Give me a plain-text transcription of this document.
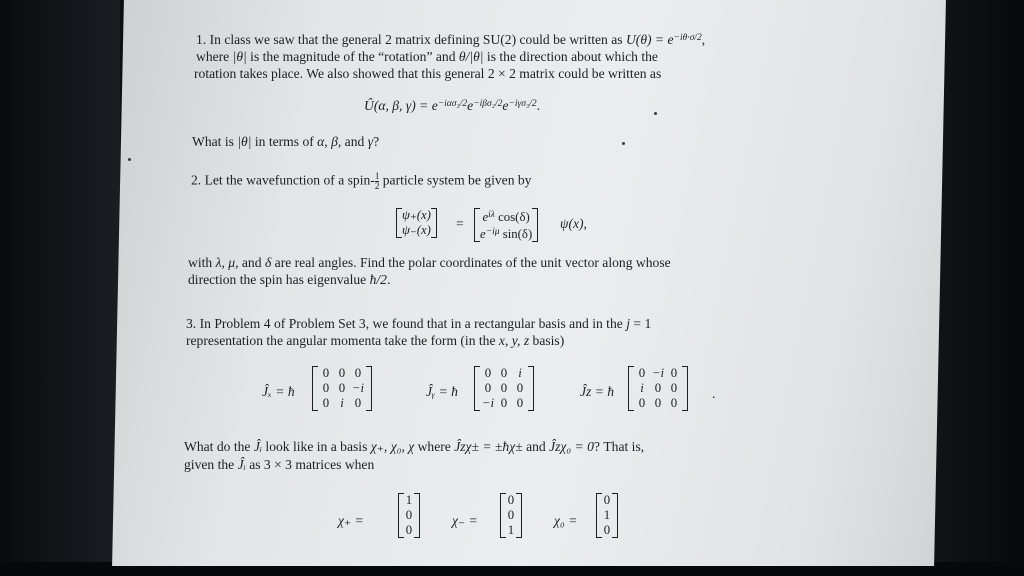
1. In class we saw that the general 2 matrix defining SU(2) could be written as $U(\theta) = e^{-i\theta\cdot\sigma/2}$,
where |θ| is the magnitude of the “rotation” and θ/|θ| is the direction about which the
rotation takes place. We also showed that this general 2 × 2 matrix could be written as
Û(α, β, $\gamma) = e^{-i\alpha\sigma_3/2}e^{-i\beta\sigma_2/2}e^{-i\gamma\sigma_3/2}$.
What is |θ| in terms of α, β, and γ?
2. Let the wavefunction of a spin- $\frac{1}{2}$ particle system be given by
ψ₊(x)
$\psi_-(x) = e^{i\lambda}$ cos(δ)
$e^{-i\mu}$ sin(δ)
ψ(x),
with λ, μ, and δ are real angles. Find the polar coordinates of the unit vector along whose
direction the spin has eigenvalue ħ/2.
3. In Problem 4 of Problem Set 3, we found that in a rectangular basis and in the j = 1
representation the angular momenta take the form (in the x, y, z basis)
Ĵₓ = ħ
0 0 0
0 0 −i
0 i 0
Ĵᵧ = ħ
0 0 i
0 0 0
−i 0 0
Ĵz = ħ
0 −i 0
i 0 0
0 0 0
.
What do the Ĵᵢ look like in a basis χ₊, χ₀, χ where Ĵzχ± = ±ħχ± and Ĵzχ₀ = 0? That is,
given the Ĵᵢ as 3 × 3 matrices when
χ₊ =
1
0
0
χ₋ =
0
0
1
χ₀ =
0
1
0
